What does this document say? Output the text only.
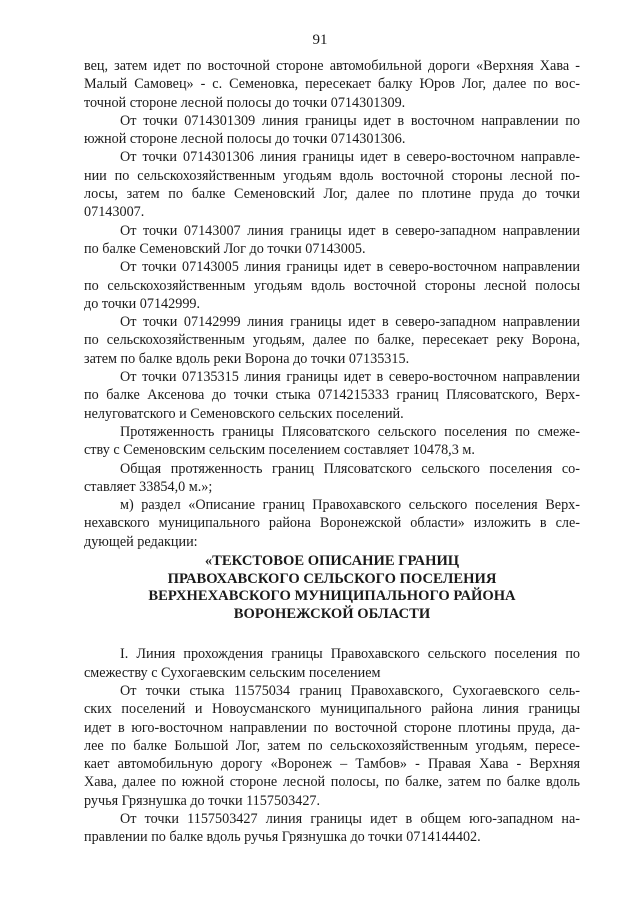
91

вец, затем идет по восточной стороне автомобильной дороги «Верхняя Хава -
Малый Самовец» - с. Семеновка, пересекает балку Юров Лог, далее по вос-
точной стороне лесной полосы до точки 0714301309.

От точки 0714301309 линия границы идет в восточном направлении по
южной стороне лесной полосы до точки 0714301306.

От точки 0714301306 линия границы идет в северо-восточном направле-
нии по сельскохозяйственным угодьям вдоль восточной стороны лесной по-
лосы, затем по балке Семеновский Лог, далее по плотине пруда до точки
07143007.

От точки 07143007 линия границы идет в северо-западном направлении
по балке Семеновский Лог до точки 07143005.

От точки 07143005 линия границы идет в северо-восточном направлении
по сельскохозяйственным угодьям вдоль восточной стороны лесной полосы
до точки 07142999.

От точки 07142999 линия границы идет в северо-западном направлении
по сельскохозяйственным угодьям, далее по балке, пересекает реку Ворона,
затем по балке вдоль реки Ворона до точки 07135315.

От точки 07135315 линия границы идет в северо-восточном направлении
по балке Аксенова до точки стыка 0714215333 границ Плясоватского, Верх-
нелуговатского и Семеновского сельских поселений.

Протяженность границы Плясоватского сельского поселения по смеже-
ству с Семеновским сельским поселением составляет 10478,3 м.

Общая протяженность границ Плясоватского сельского поселения со-
ставляет 33854,0 м.»;

м) раздел «Описание границ Правохавского сельского поселения Верх-
нехавского муниципального района Воронежской области» изложить в сле-
дующей редакции:

«ТЕКСТОВОЕ ОПИСАНИЕ ГРАНИЦ
ПРАВОХАВСКОГО СЕЛЬСКОГО ПОСЕЛЕНИЯ
ВЕРХНЕХАВСКОГО МУНИЦИПАЛЬНОГО РАЙОНА
ВОРОНЕЖСКОЙ ОБЛАСТИ

I. Линия прохождения границы Правохавского сельского поселения по
смежеству с Сухогаевским сельским поселением

От точки стыка 11575034 границ Правохавского, Сухогаевского сель-
ских поселений и Новоусманского муниципального района линия границы
идет в юго-восточном направлении по восточной стороне плотины пруда, да-
лее по балке Большой Лог, затем по сельскохозяйственным угодьям, пересе-
кает автомобильную дорогу «Воронеж – Тамбов» - Правая Хава - Верхняя
Хава, далее по южной стороне лесной полосы, по балке, затем по балке вдоль
ручья Грязнушка до точки 1157503427.

От точки 1157503427 линия границы идет в общем юго-западном на-
правлении по балке вдоль ручья Грязнушка до точки 0714144402.
